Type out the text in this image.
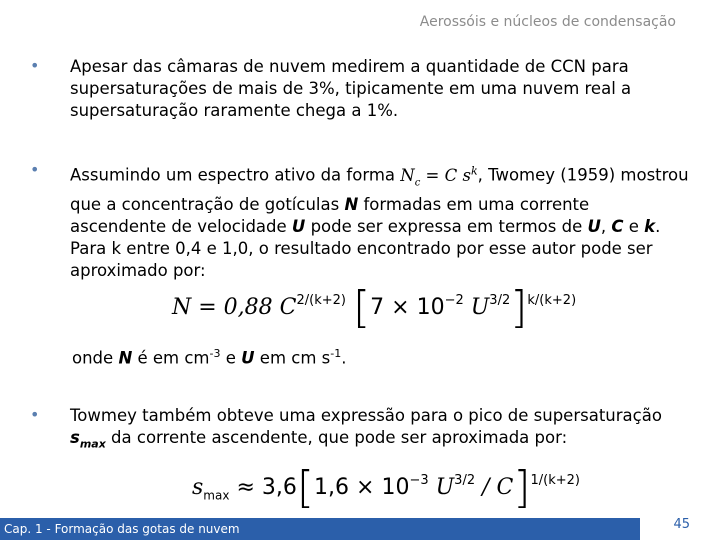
Aerossóis e núcleos de condensação
• Apesar das câmaras de nuvem medirem a quantidade de CCN para supersaturações de mais de 3%, tipicamente em uma nuvem real a supersaturação raramente chega a 1%.
• Assumindo um espectro ativo da forma $N_c = C$ $s^k$, Twomey (1959) mostrou que a concentração de gotículas N formadas em uma corrente ascendente de velocidade U pode ser expressa em termos de U, C e k. Para k entre 0,4 e 1,0, o resultado encontrado por esse autor pode ser aproximado por:
N = 0,88 $C^{2/(k+2)}$ [$7 \times 10^{-2}$ $U^{3/2}]^{k/(k+2)}$
onde N é em $cm^{-3}$ e U em cm $s^{-1}$.
• Towmey também obteve uma expressão para o pico de supersaturação $s_{max}$ da corrente ascendente, que pode ser aproximada por:
$s_{max} \approx 3,6[1,6 \times 10^{-3}$ $U^{3/2} / C]^{1/(k+2)}$
Cap. 1 - Formação das gotas de nuvem	45
